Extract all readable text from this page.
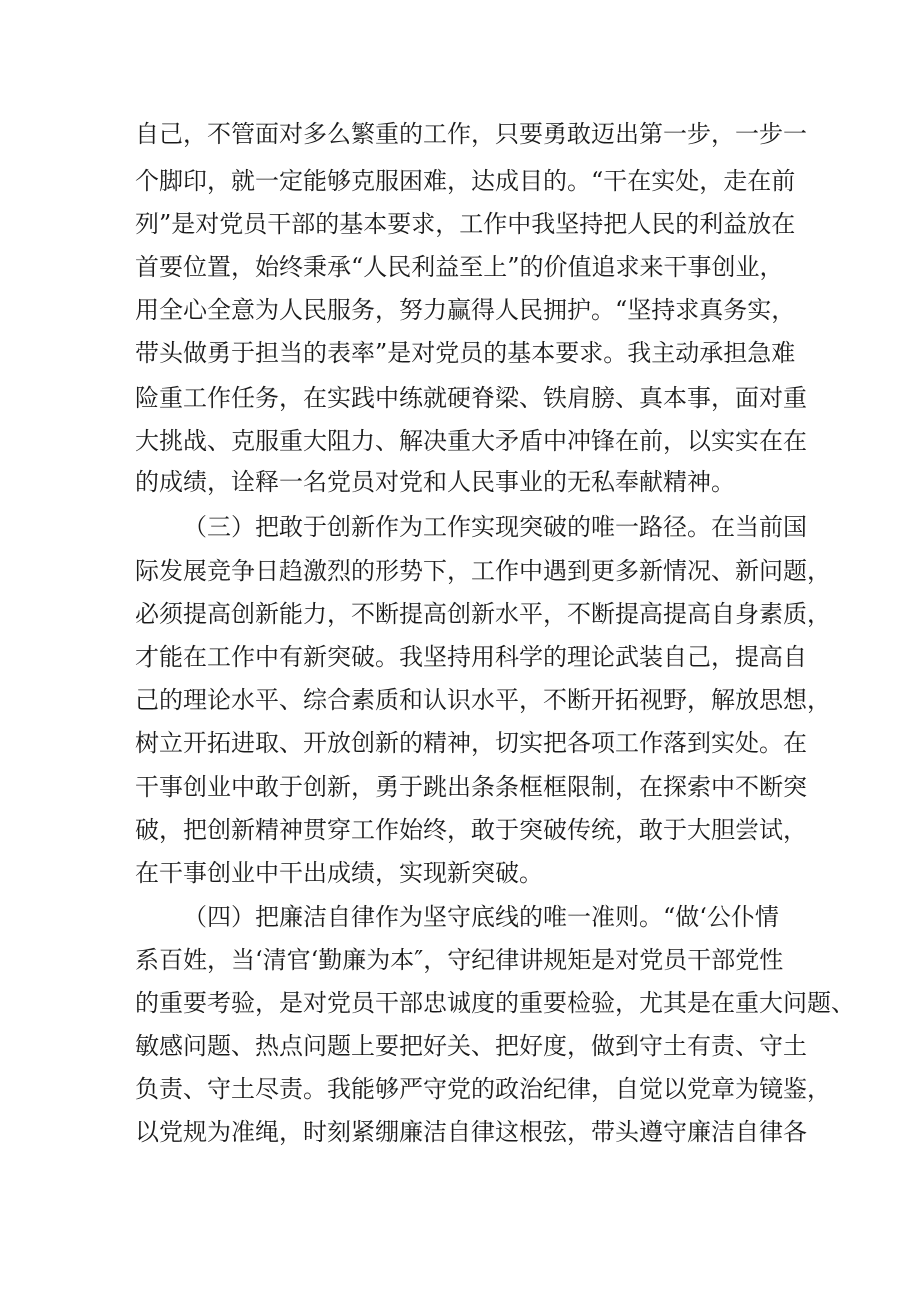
自己，不管面对多么繁重的工作，只要勇敢迈出第一步，一步一
个脚印，就一定能够克服困难，达成目的。“干在实处，走在前
列”是对党员干部的基本要求，工作中我坚持把人民的利益放在
首要位置，始终秉承“人民利益至上”的价值追求来干事创业，
用全心全意为人民服务，努力赢得人民拥护。“坚持求真务实，
带头做勇于担当的表率”是对党员的基本要求。我主动承担急难
险重工作任务，在实践中练就硬脊梁、铁肩膀、真本事，面对重
大挑战、克服重大阻力、解决重大矛盾中冲锋在前，以实实在在
的成绩，诠释一名党员对党和人民事业的无私奉献精神。
（三）把敢于创新作为工作实现突破的唯一路径。在当前国
际发展竞争日趋激烈的形势下，工作中遇到更多新情况、新问题，
必须提高创新能力，不断提高创新水平，不断提高提高自身素质，
才能在工作中有新突破。我坚持用科学的理论武装自己，提高自
己的理论水平、综合素质和认识水平，不断开拓视野，解放思想，
树立开拓进取、开放创新的精神，切实把各项工作落到实处。在
干事创业中敢于创新，勇于跳出条条框框限制，在探索中不断突
破，把创新精神贯穿工作始终，敢于突破传统，敢于大胆尝试，
在干事创业中干出成绩，实现新突破。
（四）把廉洁自律作为坚守底线的唯一准则。“做‘公仆情
系百姓，当‘清官‘勤廉为本″，守纪律讲规矩是对党员干部党性
的重要考验，是对党员干部忠诚度的重要检验，尤其是在重大问题、
敏感问题、热点问题上要把好关、把好度，做到守土有责、守土
负责、守土尽责。我能够严守党的政治纪律，自觉以党章为镜鉴，
以党规为准绳，时刻紧绷廉洁自律这根弦，带头遵守廉洁自律各
